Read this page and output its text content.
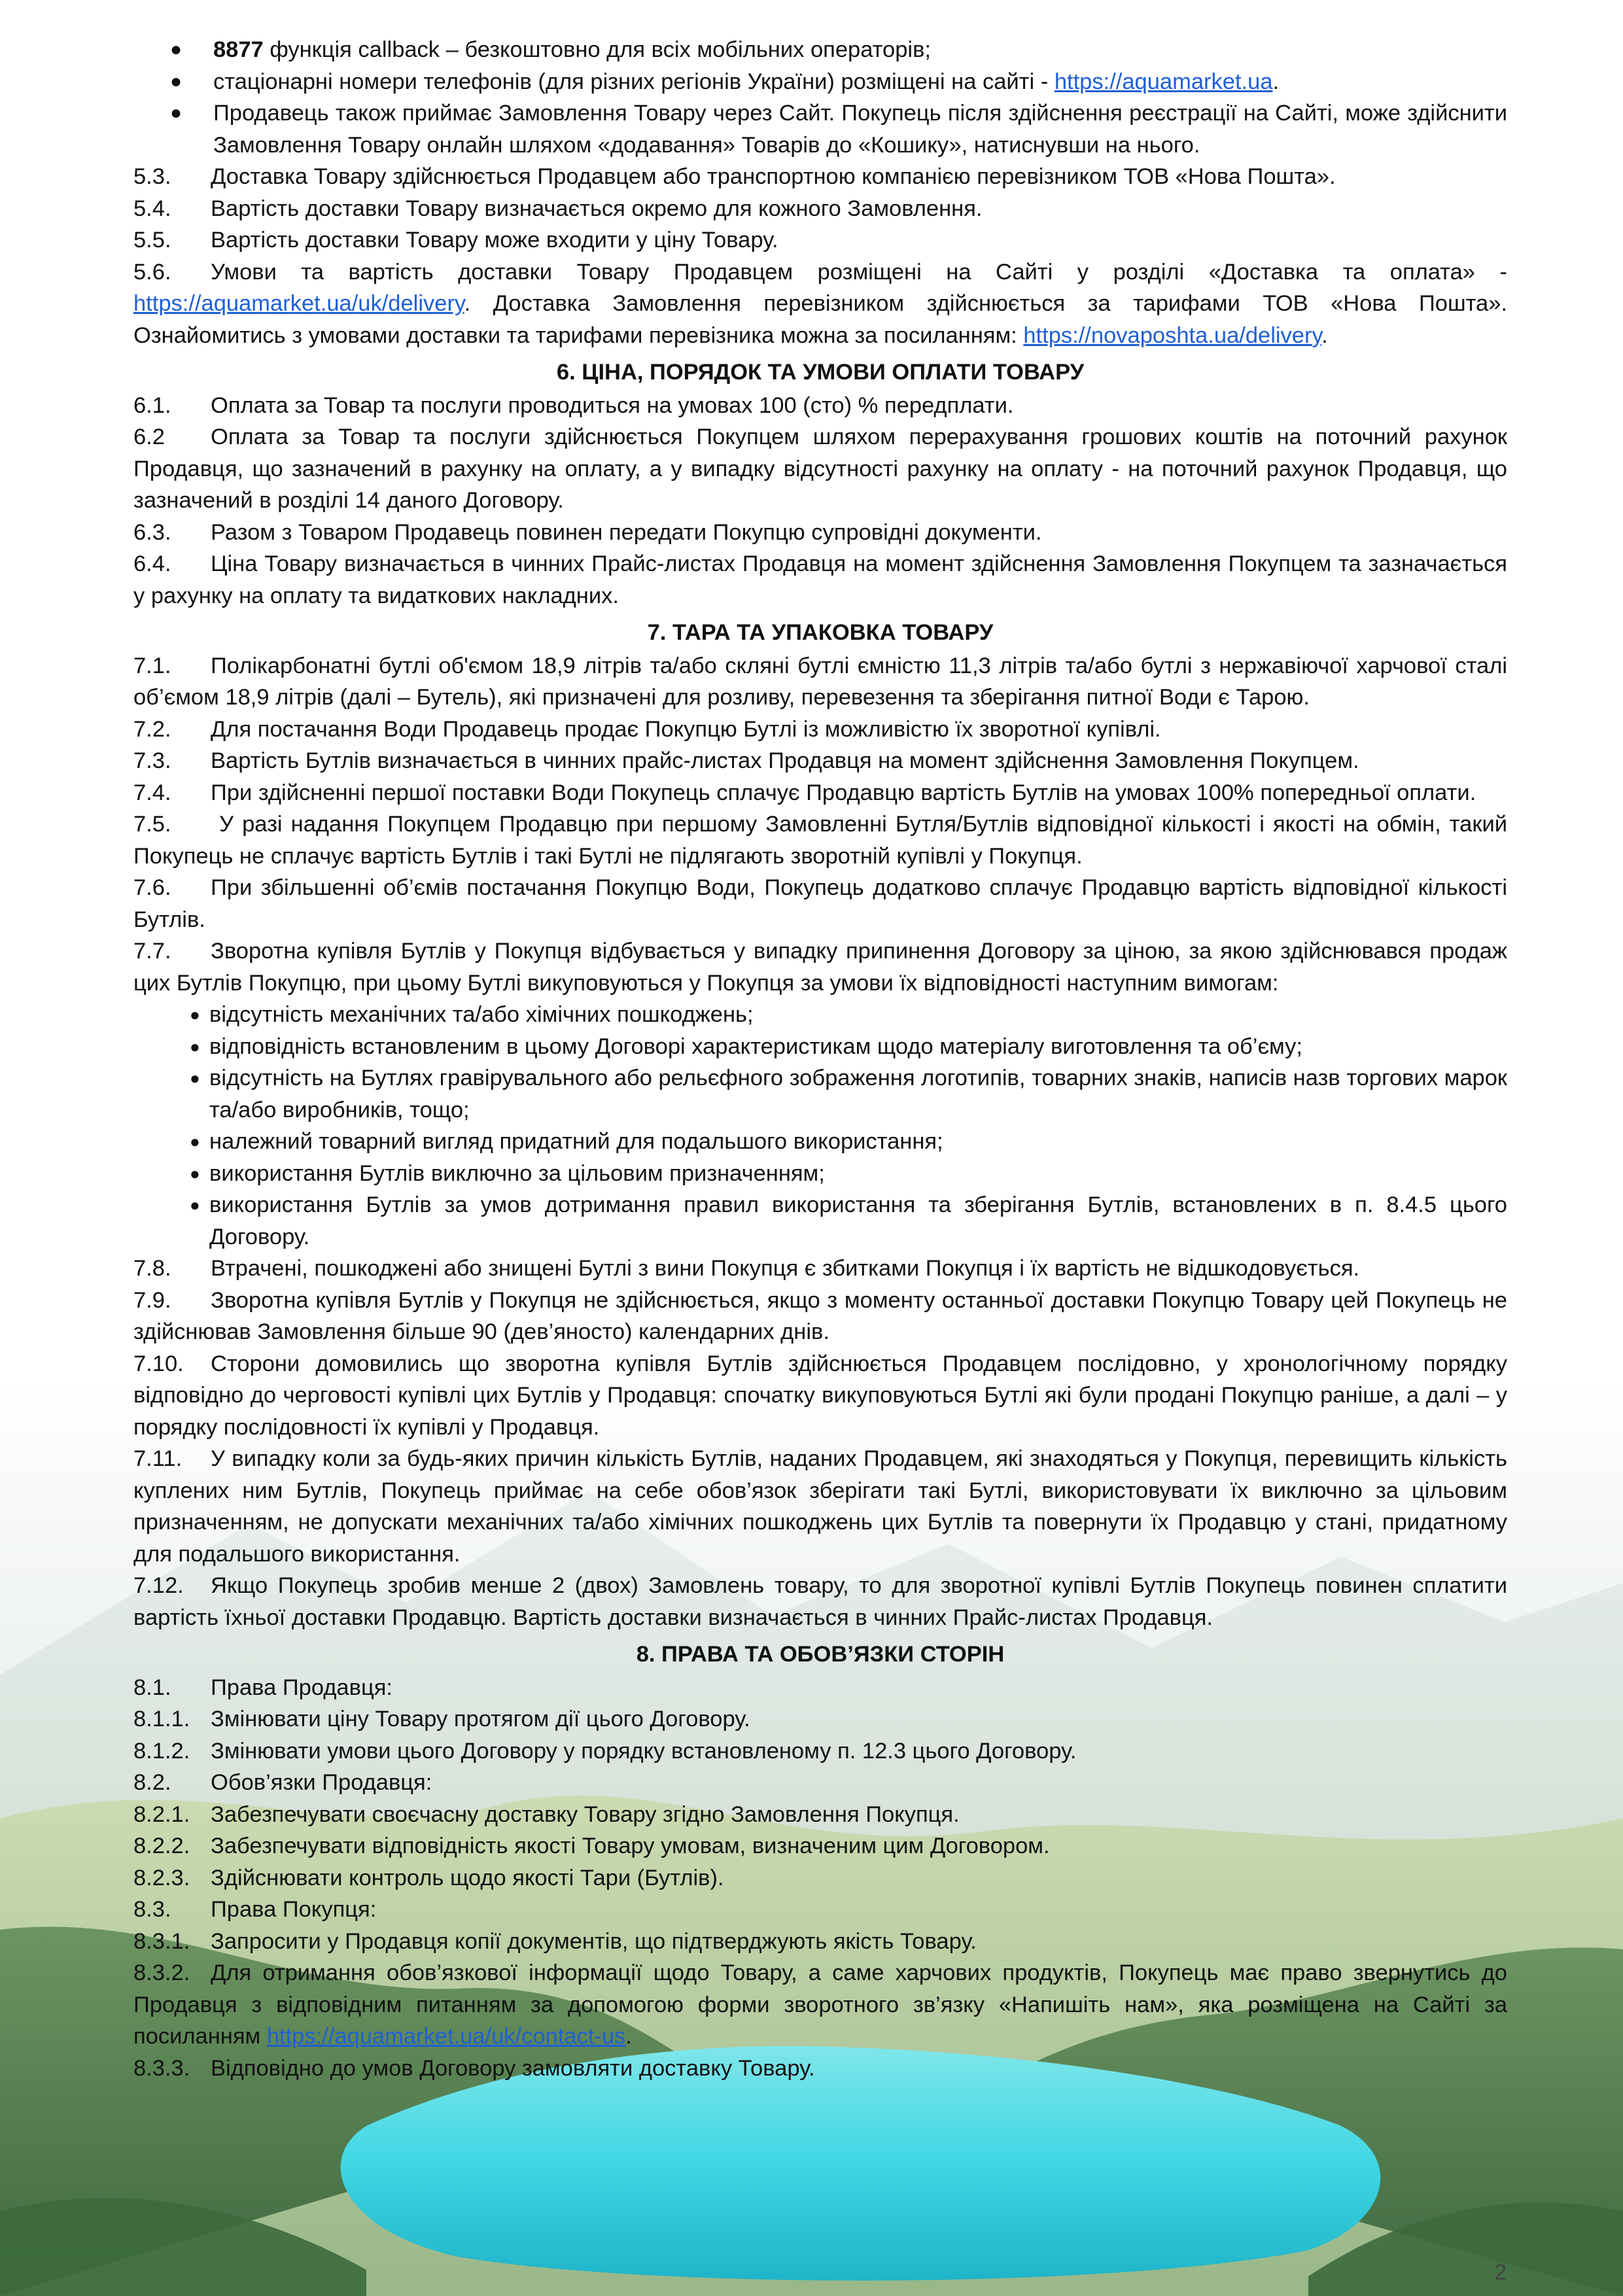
●	8877 функція callback – безкоштовно для всіх мобільних операторів;
●	стаціонарні номери телефонів (для різних регіонів України) розміщені на сайті - https://aquamarket.ua.
●	Продавець також приймає Замовлення Товару через Сайт. Покупець після здійснення реєстрації на Сайті, може здійснити Замовлення Товару онлайн шляхом «додавання» Товарів до «Кошику», натиснувши на нього.
5.3.	Доставка Товару здійснюється Продавцем або транспортною компанією перевізником ТОВ «Нова Пошта».
5.4.	Вартість доставки Товару визначається окремо для кожного Замовлення.
5.5.	Вартість доставки Товару може входити у ціну Товару.

5.6. Умови та вартість доставки Товару Продавцем розміщені на Сайті у розділі «Доставка та оплата» - https://aquamarket.ua/uk/delivery. Доставка Замовлення перевізником здійснюється за тарифами ТОВ «Нова Пошта». Ознайомитись з умовами доставки та тарифами перевізника можна за посиланням: https://novaposhta.ua/delivery.

6. ЦІНА, ПОРЯДОК ТА УМОВИ ОПЛАТИ ТОВАРУ
6.1.	Оплата за Товар та послуги проводиться на умовах 100 (сто) % передплати.

6.2 Оплата за Товар та послуги здійснюється Покупцем шляхом перерахування грошових коштів на поточний рахунок Продавця, що зазначений в рахунку на оплату, а у випадку відсутності рахунку на оплату - на поточний рахунок Продавця, що зазначений в розділі 14 даного Договору.

6.3.	Разом з Товаром Продавець повинен передати Покупцю супровідні документи.

6.4. Ціна Товару визначається в чинних Прайс-листах Продавця на момент здійснення Замовлення Покупцем та зазначається у рахунку на оплату та видаткових накладних.

7. ТАРА ТА УПАКОВКА ТОВАРУ

7.1. Полікарбонатні бутлі об'ємом 18,9 літрів та/або скляні бутлі ємністю 11,3 літрів та/або бутлі з нержавіючої харчової сталі об’ємом 18,9 літрів (далі – Бутель), які призначені для розливу, перевезення та зберігання питної Води є Тарою.

7.2.	Для постачання Води Продавець продає Покупцю Бутлі із можливістю їх зворотної купівлі.
7.3.	Вартість Бутлів визначається в чинних прайс-листах Продавця на момент здійснення Замовлення Покупцем.

7.4. При здійсненні першої поставки Води Покупець сплачує Продавцю вартість Бутлів на умовах 100% попередньої оплати.

7.5. У разі надання Покупцем Продавцю при першому Замовленні Бутля/Бутлів відповідної кількості і якості на обмін, такий Покупець не сплачує вартість Бутлів і такі Бутлі не підлягають зворотній купівлі у Покупця.

7.6. При збільшенні об’ємів постачання Покупцю Води, Покупець додатково сплачує Продавцю вартість відповідної кількості Бутлів.

7.7. Зворотна купівля Бутлів у Покупця відбувається у випадку припинення Договору за ціною, за якою здійснювався продаж цих Бутлів Покупцю, при цьому Бутлі викуповуються у Покупця за умови їх відповідності наступним вимогам:

● відсутність механічних та/або хімічних пошкоджень;
● відповідність встановленим в цьому Договорі характеристикам щодо матеріалу виготовлення та об’єму;
● відсутність на Бутлях гравірувального або рельєфного зображення логотипів, товарних знаків, написів назв торгових марок та/або виробників, тощо;
● належний товарний вигляд придатний для подальшого використання;
● використання Бутлів виключно за цільовим призначенням;
● використання Бутлів за умов дотримання правил використання та зберігання Бутлів, встановлених в п. 8.4.5 цього Договору.
7.8.	Втрачені, пошкоджені або знищені Бутлі з вини Покупця є збитками Покупця і їх вартість не відшкодовується.

7.9. Зворотна купівля Бутлів у Покупця не здійснюється, якщо з моменту останньої доставки Покупцю Товару цей Покупець не здійснював Замовлення більше 90 (дев’яносто) календарних днів.

7.10. Сторони домовились що зворотна купівля Бутлів здійснюється Продавцем послідовно, у хронологічному порядку відповідно до черговості купівлі цих Бутлів у Продавця: спочатку викуповуються Бутлі які були продані Покупцю раніше, а далі – у порядку послідовності їх купівлі у Продавця.

7.11. У випадку коли за будь-яких причин кількість Бутлів, наданих Продавцем, які знаходяться у Покупця, перевищить кількість куплених ним Бутлів, Покупець приймає на себе обов’язок зберігати такі Бутлі, використовувати їх виключно за цільовим призначенням, не допускати механічних та/або хімічних пошкоджень цих Бутлів та повернути їх Продавцю у стані, придатному для подальшого використання.

7.12. Якщо Покупець зробив менше 2 (двох) Замовлень товару, то для зворотної купівлі Бутлів Покупець повинен сплатити вартість їхньої доставки Продавцю. Вартість доставки визначається в чинних Прайс-листах Продавця.

8. ПРАВА ТА ОБОВ’ЯЗКИ СТОРІН
8.1.	Права Продавця:
8.1.1. Змінювати ціну Товару протягом дії цього Договору.
8.1.2. Змінювати умови цього Договору у порядку встановленому п. 12.3 цього Договору.
8.2.	Обов’язки Продавця:
8.2.1. Забезпечувати своєчасну доставку Товару згідно Замовлення Покупця.
8.2.2. Забезпечувати відповідність якості Товару умовам, визначеним цим Договором.
8.2.3. Здійснювати контроль щодо якості Тари (Бутлів).
8.3.	Права Покупця:
8.3.1. Запросити у Продавця копії документів, що підтверджують якість Товару.

8.3.2. Для отримання обов’язкової інформації щодо Товару, а саме харчових продуктів, Покупець має право звернутись до Продавця з відповідним питанням за допомогою форми зворотного зв’язку «Напишіть нам», яка розміщена на Сайті за посиланням https://aquamarket.ua/uk/contact-us.

8.3.3. Відповідно до умов Договору замовляти доставку Товару.
2
